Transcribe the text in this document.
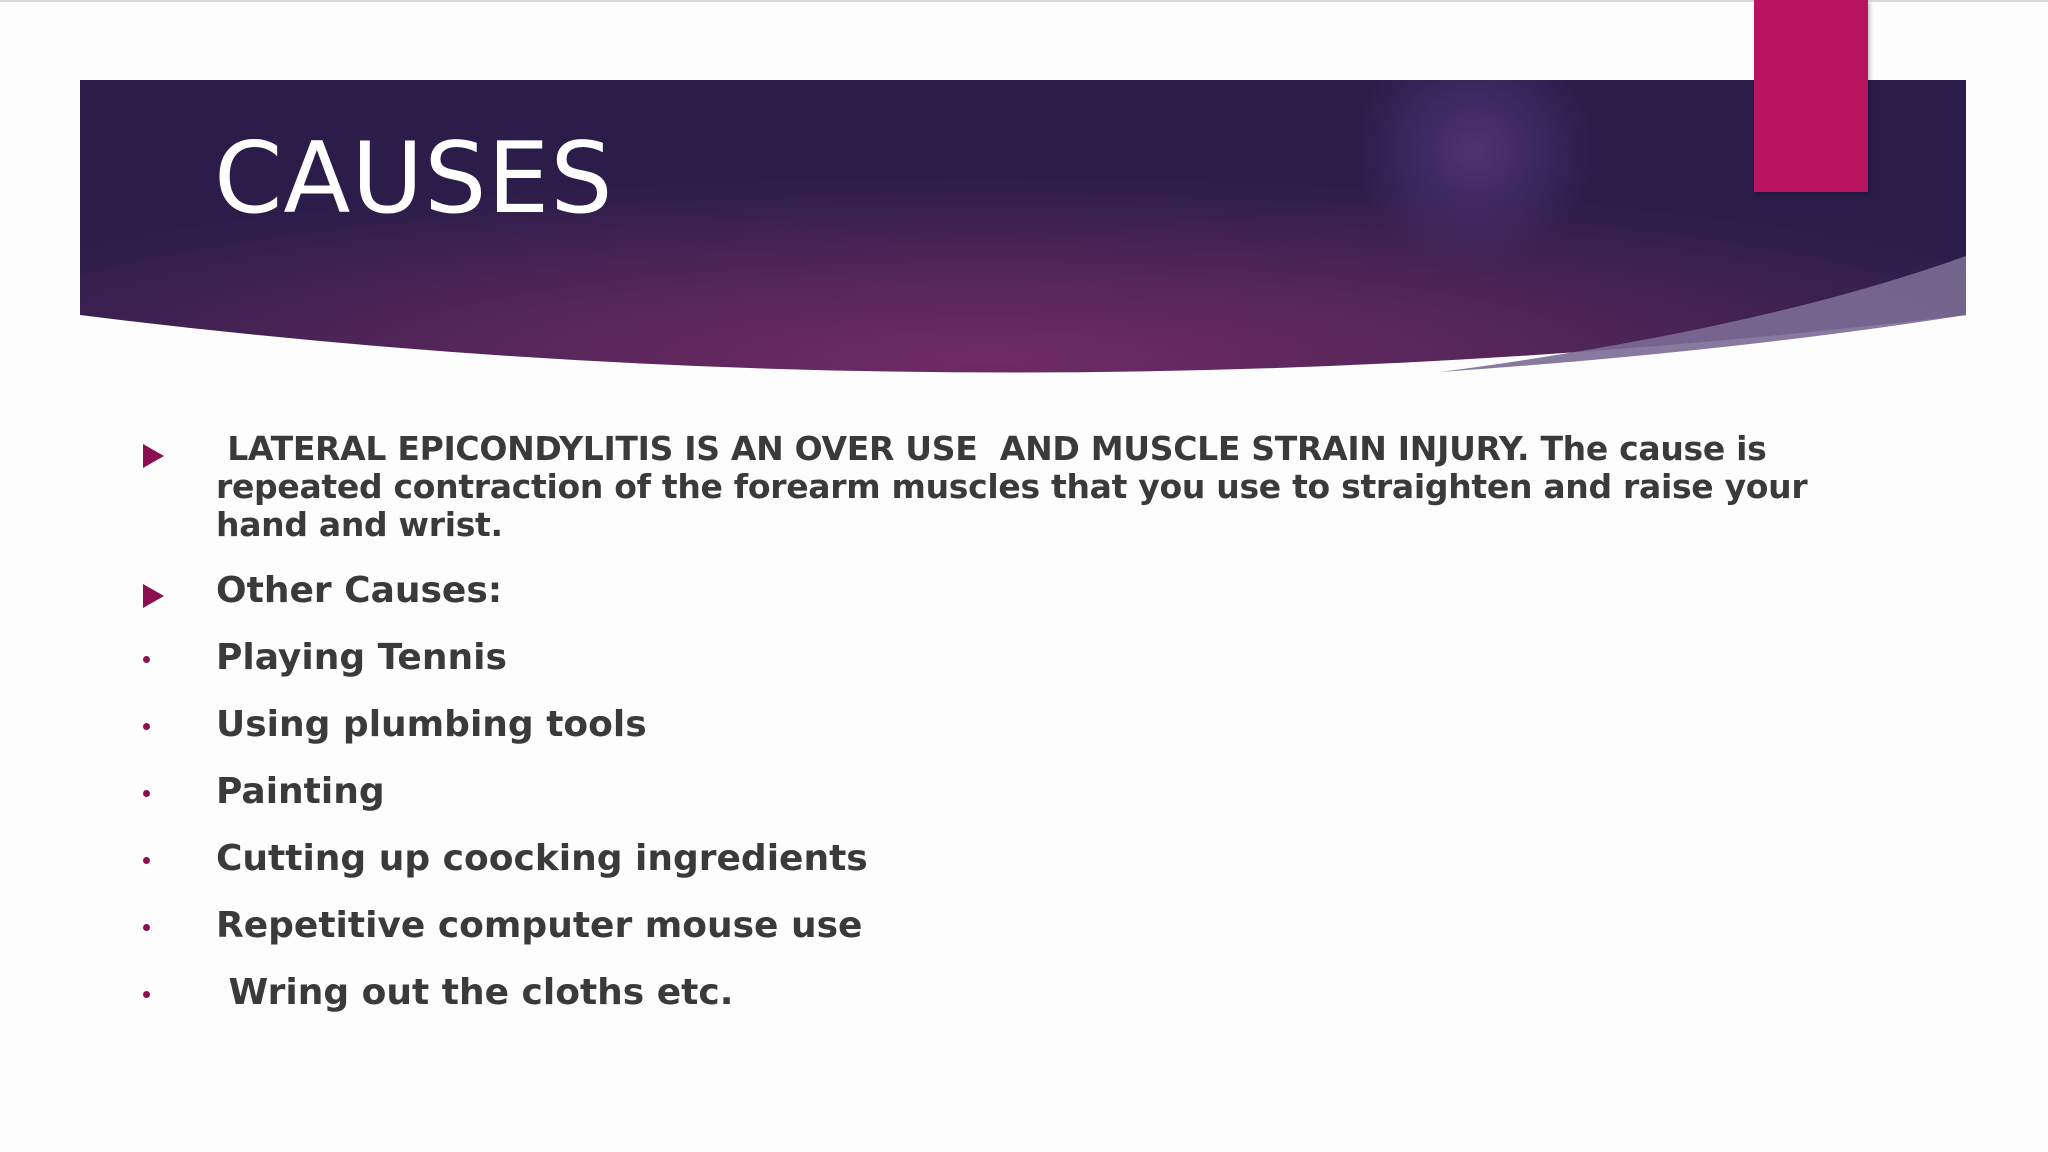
CAUSES
LATERAL EPICONDYLITIS IS AN OVER USE  AND MUSCLE STRAIN INJURY. The cause is repeated contraction of the forearm muscles that you use to straighten and raise your hand and wrist.
Other Causes:
Playing Tennis
Using plumbing tools
Painting
Cutting up coocking ingredients
Repetitive computer mouse use
Wring out the cloths etc.
